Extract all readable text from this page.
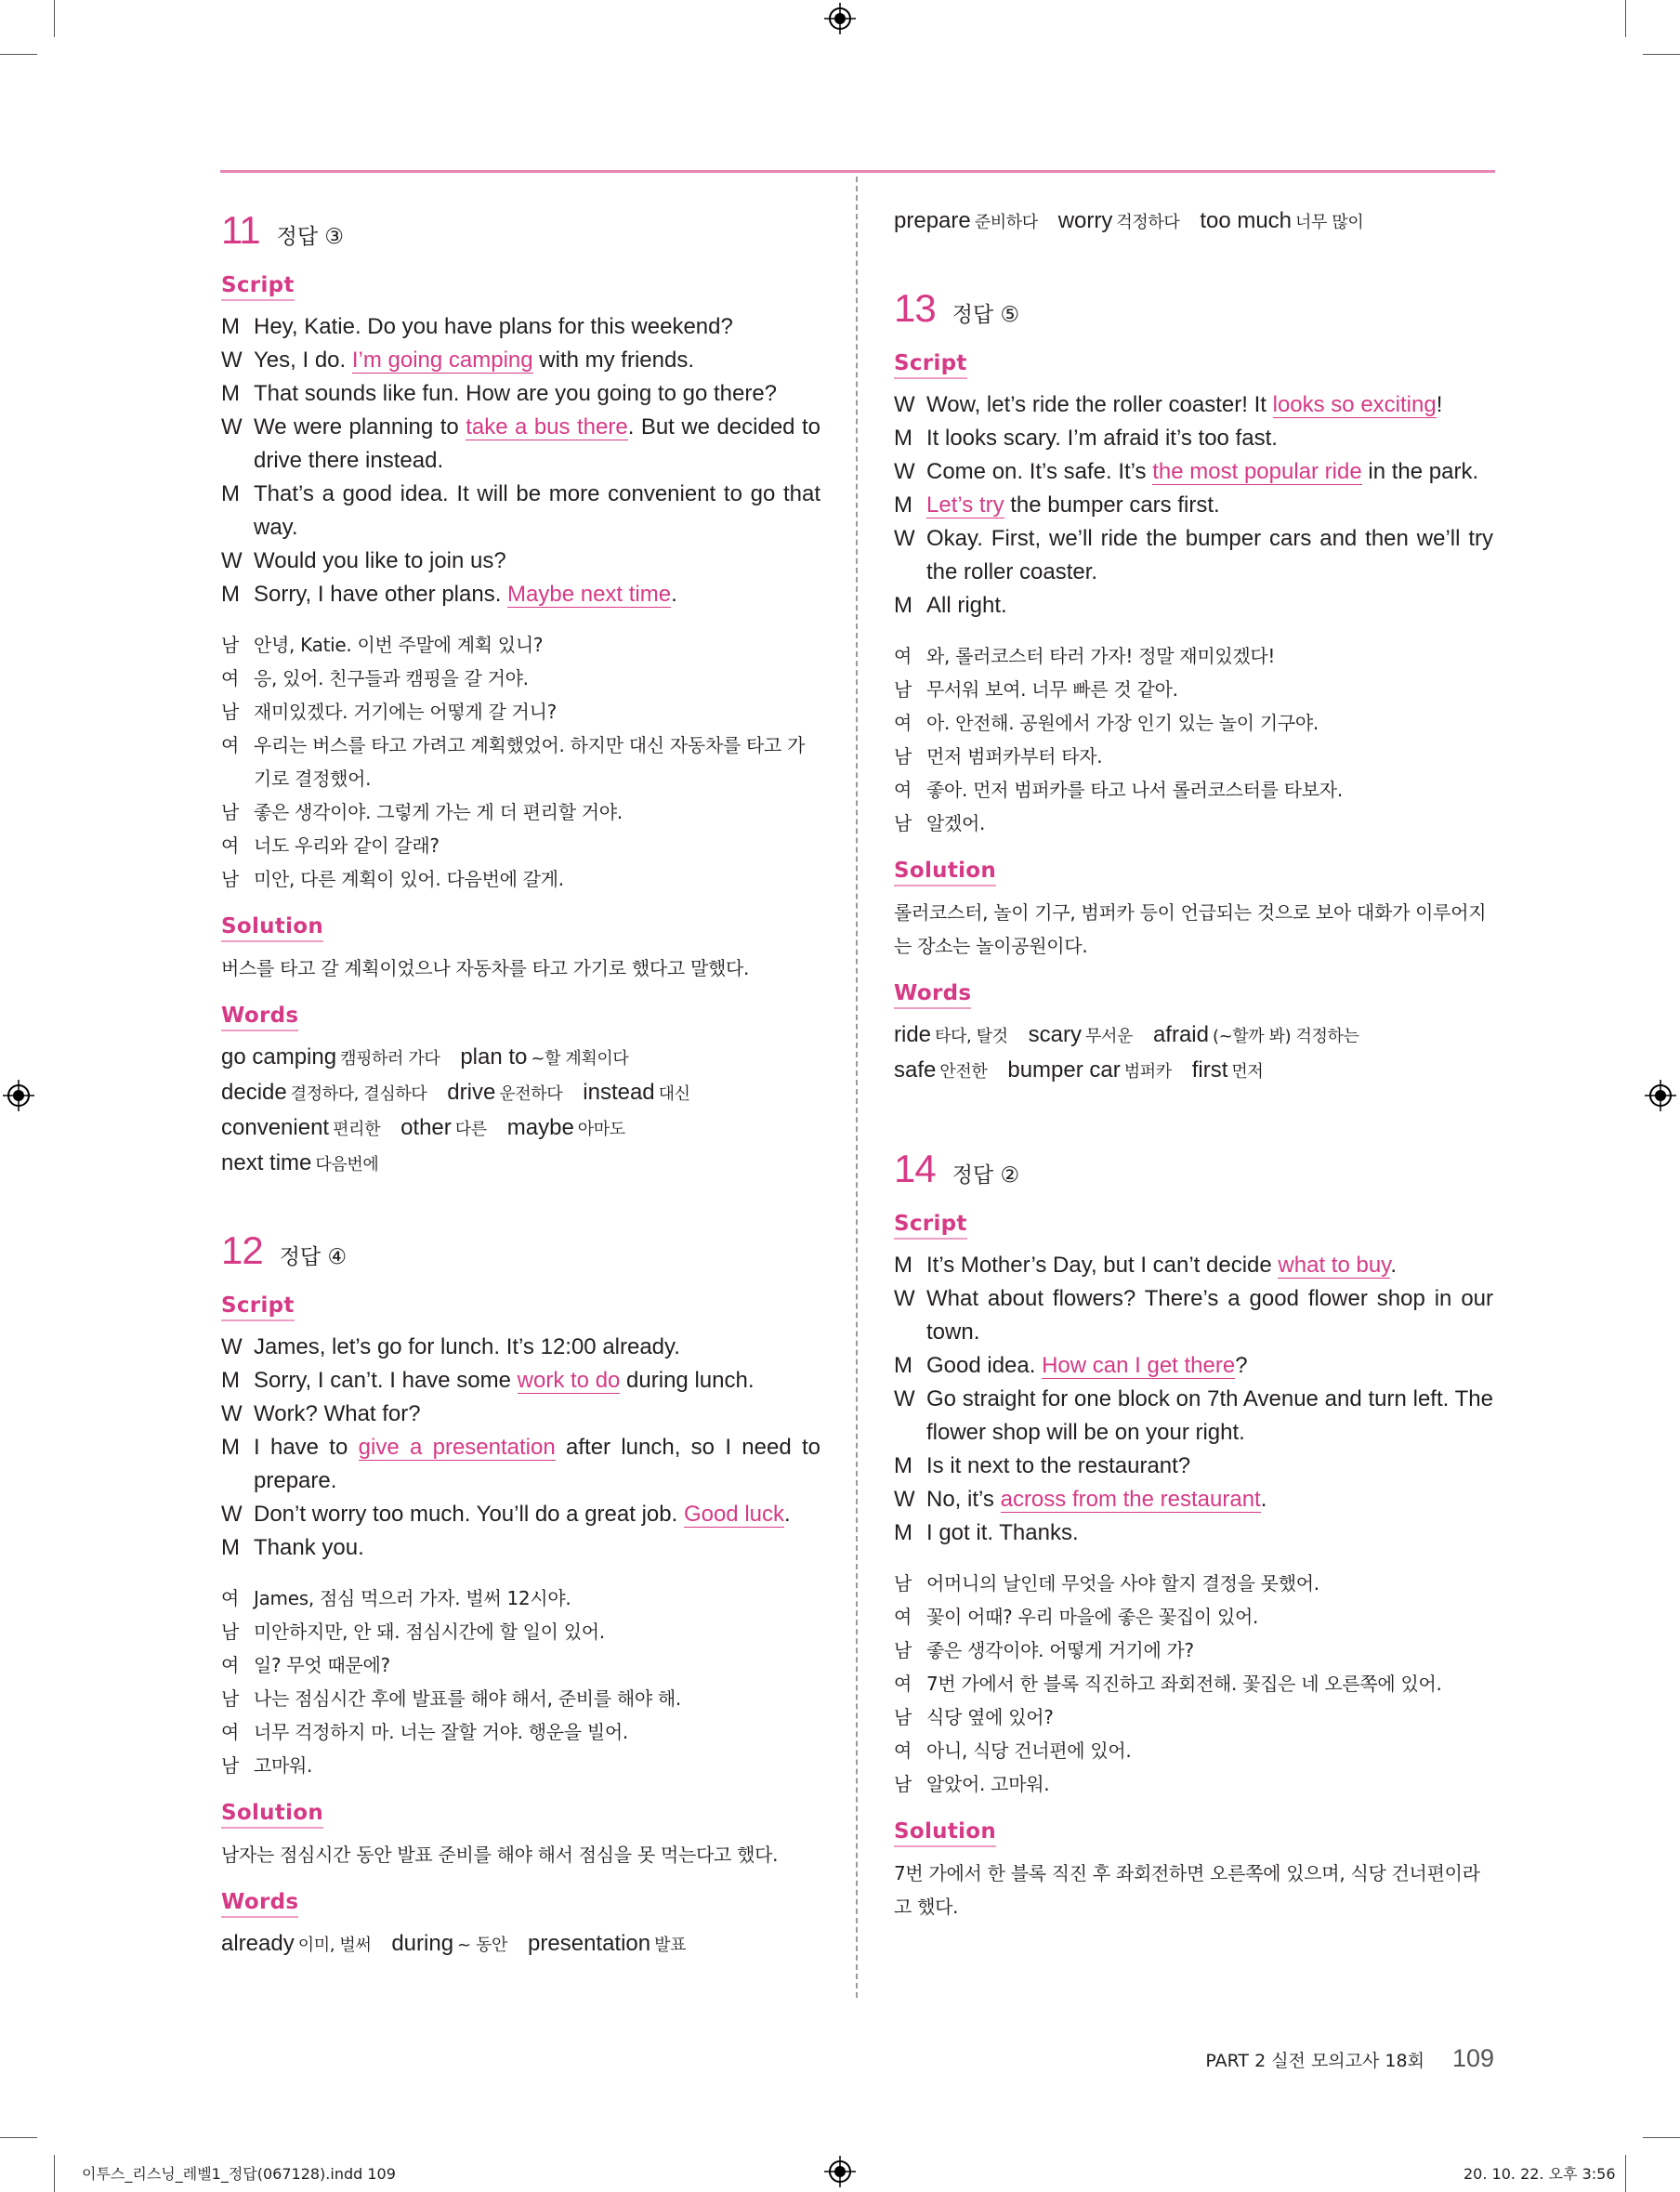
11 정답 ③
Script
M Hey, Katie. Do you have plans for this weekend?
W Yes, I do. I’m going camping with my friends.
M That sounds like fun. How are you going to go there?
W We were planning to take a bus there. But we decided to drive there instead.
M That’s a good idea. It will be more convenient to go that way.
W Would you like to join us?
M Sorry, I have other plans. Maybe next time.
남 안녕, Katie. 이번 주말에 계획 있니?
여 응, 있어. 친구들과 캠핑을 갈 거야.
남 재미있겠다. 거기에는 어떻게 갈 거니?
여 우리는 버스를 타고 가려고 계획했었어. 하지만 대신 자동차를 타고 가기로 결정했어.
남 좋은 생각이야. 그렇게 가는 게 더 편리할 거야.
여 너도 우리와 같이 갈래?
남 미안, 다른 계획이 있어. 다음번에 갈게.
Solution
버스를 타고 갈 계획이었으나 자동차를 타고 가기로 했다고 말했다.
Words
go camping 캠핑하러 가다 plan to ~할 계획이다
decide 결정하다, 결심하다 drive 운전하다 instead 대신
convenient 편리한 other 다른 maybe 아마도
next time 다음번에
12 정답 ④
Script
W James, let’s go for lunch. It’s 12:00 already.
M Sorry, I can’t. I have some work to do during lunch.
W Work? What for?
M I have to give a presentation after lunch, so I need to prepare.
W Don’t worry too much. You’ll do a great job. Good luck.
M Thank you.
여 James, 점심 먹으러 가자. 벌써 12시야.
남 미안하지만, 안 돼. 점심시간에 할 일이 있어.
여 일? 무엇 때문에?
남 나는 점심시간 후에 발표를 해야 해서, 준비를 해야 해.
여 너무 걱정하지 마. 너는 잘할 거야. 행운을 빌어.
남 고마워.
Solution
남자는 점심시간 동안 발표 준비를 해야 해서 점심을 못 먹는다고 했다.
Words
already 이미, 벌써 during ~ 동안 presentation 발표
prepare 준비하다 worry 걱정하다 too much 너무 많이
13 정답 ⑤
Script
W Wow, let’s ride the roller coaster! It looks so exciting!
M It looks scary. I’m afraid it’s too fast.
W Come on. It’s safe. It’s the most popular ride in the park.
M Let’s try the bumper cars first.
W Okay. First, we’ll ride the bumper cars and then we’ll try the roller coaster.
M All right.
여 와, 롤러코스터 타러 가자! 정말 재미있겠다!
남 무서워 보여. 너무 빠른 것 같아.
여 아. 안전해. 공원에서 가장 인기 있는 놀이 기구야.
남 먼저 범퍼카부터 타자.
여 좋아. 먼저 범퍼카를 타고 나서 롤러코스터를 타보자.
남 알겠어.
Solution
롤러코스터, 놀이 기구, 범퍼카 등이 언급되는 것으로 보아 대화가 이루어지는 장소는 놀이공원이다.
Words
ride 타다, 탈것 scary 무서운 afraid (~할까 봐) 걱정하는
safe 안전한 bumper car 범퍼카 first 먼저
14 정답 ②
Script
M It’s Mother’s Day, but I can’t decide what to buy.
W What about flowers? There’s a good flower shop in our town.
M Good idea. How can I get there?
W Go straight for one block on 7th Avenue and turn left. The flower shop will be on your right.
M Is it next to the restaurant?
W No, it’s across from the restaurant.
M I got it. Thanks.
남 어머니의 날인데 무엇을 사야 할지 결정을 못했어.
여 꽃이 어때? 우리 마을에 좋은 꽃집이 있어.
남 좋은 생각이야. 어떻게 거기에 가?
여 7번 가에서 한 블록 직진하고 좌회전해. 꽃집은 네 오른쪽에 있어.
남 식당 옆에 있어?
여 아니, 식당 건너편에 있어.
남 알았어. 고마워.
Solution
7번 가에서 한 블록 직진 후 좌회전하면 오른쪽에 있으며, 식당 건너편이라고 했다.
PART 2 실전 모의고사 18회 109
이투스_리스닝_레벨1_정답(067128).indd 109	20. 10. 22. 오후 3:56
